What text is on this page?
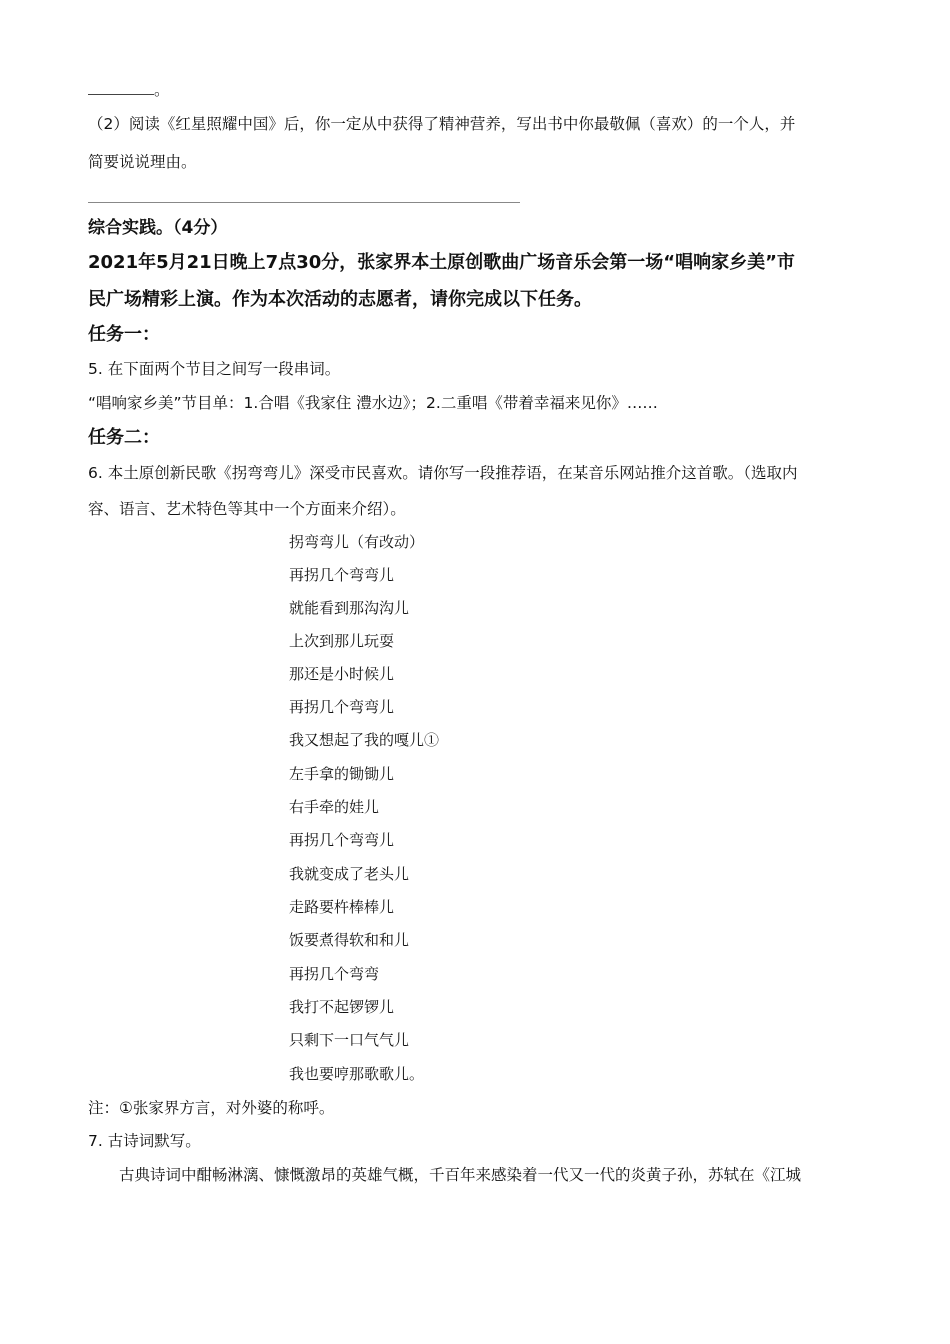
。
（2）阅读《红星照耀中国》后，你一定从中获得了精神营养，写出书中你最敬佩（喜欢）的一个人，并
简要说说理由。
综合实践。（4分）
2021年5月21日晚上7点30分，张家界本土原创歌曲广场音乐会第一场“唱响家乡美”市
民广场精彩上演。作为本次活动的志愿者，请你完成以下任务。
任务一：
5. 在下面两个节目之间写一段串词。
“唱响家乡美”节目单：1.合唱《我家住 澧水边》；2.二重唱《带着幸福来见你》……
任务二：
6. 本土原创新民歌《拐弯弯儿》深受市民喜欢。请你写一段推荐语，在某音乐网站推介这首歌。（选取内
容、语言、艺术特色等其中一个方面来介绍）。
拐弯弯儿（有改动）
再拐几个弯弯儿
就能看到那沟沟儿
上次到那儿玩耍
那还是小时候儿
再拐几个弯弯儿
我又想起了我的嘎儿①
左手拿的锄锄儿
右手牵的娃儿
再拐几个弯弯儿
我就变成了老头儿
走路要杵棒棒儿
饭要煮得软和和儿
再拐几个弯弯
我打不起锣锣儿
只剩下一口气气儿
我也要哼那歌歌儿。
注：①张家界方言，对外婆的称呼。
7. 古诗词默写。
古典诗词中酣畅淋漓、慷慨激昂的英雄气概，千百年来感染着一代又一代的炎黄子孙，苏轼在《江城
